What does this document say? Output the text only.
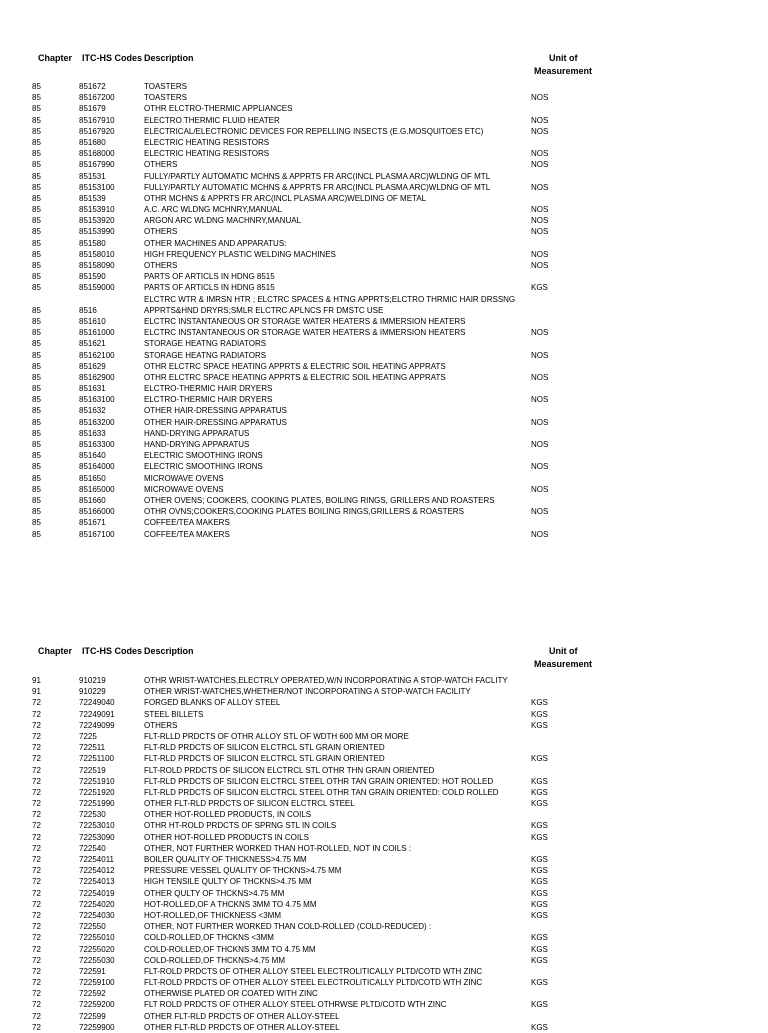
Chapter ITC-HS Codes Description	Unit of
Measurement
85	851672	TOASTERS
85	85167200	TOASTERS	NOS
85	851679	OTHR ELCTRO-THERMIC APPLIANCES
85	85167910	ELECTRO THERMIC FLUID HEATER	NOS
85	85167920	ELECTRICAL/ELECTRONIC DEVICES FOR REPELLING INSECTS (E.G.MOSQUITOES ETC)	NOS
85	851680	ELECTRIC HEATING RESISTORS
85	85168000	ELECTRIC HEATING RESISTORS	NOS
85	85167990	OTHERS	NOS
85	851531	FULLY/PARTLY AUTOMATIC MCHNS & APPRTS FR ARC(INCL PLASMA ARC)WLDNG OF MTL
85	85153100	FULLY/PARTLY AUTOMATIC MCHNS & APPRTS FR ARC(INCL PLASMA ARC)WLDNG OF MTL	NOS
85	851539	OTHR MCHNS & APPRTS FR ARC(INCL PLASMA ARC)WELDING OF METAL
85	85153910	A.C. ARC WLDNG MCHNRY,MANUAL	NOS
85	85153920	ARGON ARC WLDNG MACHNRY,MANUAL	NOS
85	85153990	OTHERS	NOS
85	851580	OTHER MACHINES AND APPARATUS:
85	85158010	HIGH FREQUENCY PLASTIC WELDING MACHINES	NOS
85	85158090	OTHERS	NOS
85	851590	PARTS OF ARTICLS IN HDNG 8515
85	85159000	PARTS OF ARTICLS IN HDNG 8515	KGS
ELCTRC WTR & IMRSN HTR ; ELCTRC SPACES & HTNG APPRTS;ELCTRO THRMIC HAIR DRSSNG
85	8516	APPRTS&HND DRYRS;SMLR ELCTRC APLNCS FR DMSTC USE
85	851610	ELCTRC INSTANTANEOUS OR STORAGE WATER HEATERS & IMMERSION HEATERS
85	85161000	ELCTRC INSTANTANEOUS OR STORAGE WATER HEATERS & IMMERSION HEATERS	NOS
85	851621	STORAGE HEATNG RADIATORS
85	85162100	STORAGE HEATNG RADIATORS	NOS
85	851629	OTHR ELCTRC SPACE HEATING APPRTS & ELECTRIC SOIL HEATING APPRATS
85	85162900	OTHR ELCTRC SPACE HEATING APPRTS & ELECTRIC SOIL HEATING APPRATS	NOS
85	851631	ELCTRO-THERMIC HAIR DRYERS
85	85163100	ELCTRO-THERMIC HAIR DRYERS	NOS
85	851632	OTHER HAIR-DRESSING APPARATUS
85	85163200	OTHER HAIR-DRESSING APPARATUS	NOS
85	851633	HAND-DRYING APPARATUS
85	85163300	HAND-DRYING APPARATUS	NOS
85	851640	ELECTRIC SMOOTHING IRONS
85	85164000	ELECTRIC SMOOTHING IRONS	NOS
85	851650	MICROWAVE OVENS
85	85165000	MICROWAVE OVENS	NOS
85	851660	OTHER OVENS; COOKERS, COOKING PLATES, BOILING RINGS, GRILLERS AND ROASTERS
85	85166000	OTHR OVNS;COOKERS,COOKING PLATES BOILING RINGS,GRILLERS & ROASTERS	NOS
85	851671	COFFEE/TEA MAKERS
85	85167100	COFFEE/TEA MAKERS	NOS
Chapter ITC-HS Codes Description	Unit of
Measurement
91	910219	OTHR WRIST-WATCHES,ELECTRLY OPERATED,W/N INCORPORATING A STOP-WATCH FACLITY
91	910229	OTHER WRIST-WATCHES,WHETHER/NOT INCORPORATING A STOP-WATCH FACILITY
72	72249040	FORGED BLANKS OF ALLOY STEEL	KGS
72	72249091	STEEL BILLETS	KGS
72	72249099	OTHERS	KGS
72	7225	FLT-RLLD PRDCTS OF OTHR ALLOY STL OF WDTH 600 MM OR MORE
72	722511	FLT-RLD PRDCTS OF SILICON ELCTRCL STL GRAIN ORIENTED
72	72251100	FLT-RLD PRDCTS OF SILICON ELCTRCL STL GRAIN ORIENTED	KGS
72	722519	FLT-ROLD PRDCTS OF SILICON ELCTRCL STL OTHR THN GRAIN ORIENTED
72	72251910	FLT-RLD PRDCTS OF SILICON ELCTRCL STEEL OTHR TAN GRAIN ORIENTED: HOT ROLLED	KGS
72	72251920	FLT-RLD PRDCTS OF SILICON ELCTRCL STEEL OTHR TAN GRAIN ORIENTED: COLD ROLLED	KGS
72	72251990	OTHER FLT-RLD PRDCTS OF SILICON ELCTRCL STEEL	KGS
72	722530	OTHER HOT-ROLLED PRODUCTS, IN COILS
72	72253010	OTHR HT-ROLD PRDCTS OF SPRNG STL IN COILS	KGS
72	72253090	OTHER HOT-ROLLED PRODUCTS IN COILS	KGS
72	722540	OTHER, NOT FURTHER WORKED THAN HOT-ROLLED, NOT IN COILS :
72	72254011	BOILER QUALITY OF THICKNESS>4.75 MM	KGS
72	72254012	PRESSURE VESSEL QUALITY OF THCKNS>4.75 MM	KGS
72	72254013	HIGH TENSILE QULTY OF THCKNS>4.75 MM	KGS
72	72254019	OTHER QULTY OF THCKNS>4.75 MM	KGS
72	72254020	HOT-ROLLED,OF A THCKNS 3MM TO 4.75 MM	KGS
72	72254030	HOT-ROLLED,OF THICKNESS <3MM	KGS
72	722550	OTHER, NOT FURTHER WORKED THAN COLD-ROLLED (COLD-REDUCED) :
72	72255010	COLD-ROLLED,OF THCKNS <3MM	KGS
72	72255020	COLD-ROLLED,OF THCKNS 3MM TO 4.75 MM	KGS
72	72255030	COLD-ROLLED,OF THCKNS>4.75 MM	KGS
72	722591	FLT-ROLD PRDCTS OF OTHER ALLOY STEEL ELECTROLITICALLY PLTD/COTD WTH ZINC
72	72259100	FLT-ROLD PRDCTS OF OTHER ALLOY STEEL ELECTROLITICALLY PLTD/COTD WTH ZINC	KGS
72	722592	OTHERWISE PLATED OR COATED WITH ZINC
72	72259200	FLT ROLD PRDCTS OF OTHER ALLOY STEEL OTHRWSE PLTD/COTD WTH ZINC	KGS
72	722599	OTHER FLT-RLD PRDCTS OF OTHER ALLOY-STEEL
72	72259900	OTHER FLT-RLD PRDCTS OF OTHER ALLOY-STEEL	KGS
